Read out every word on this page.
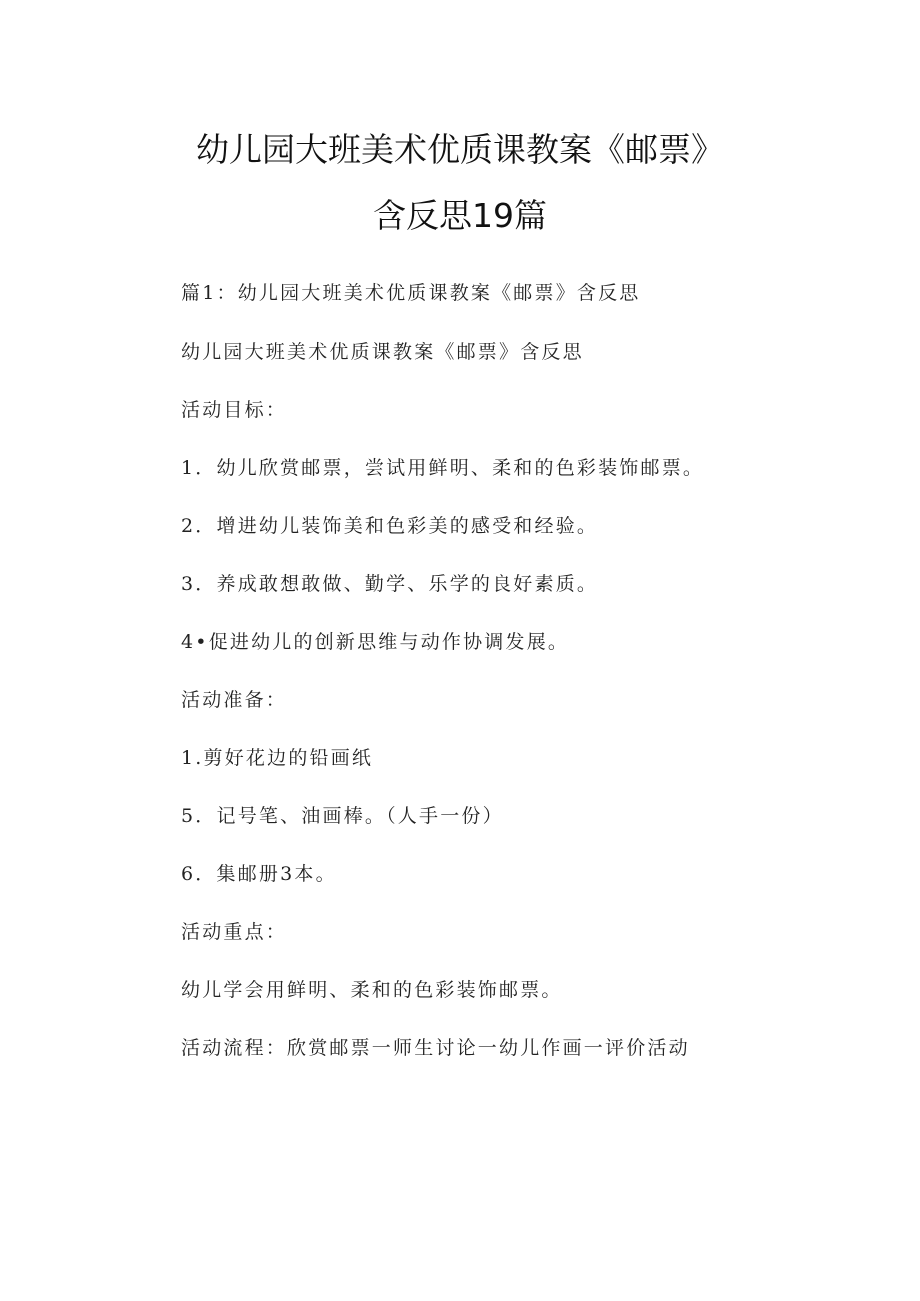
幼儿园大班美术优质课教案《邮票》
含反思19篇
篇1：幼儿园大班美术优质课教案《邮票》含反思
幼儿园大班美术优质课教案《邮票》含反思
活动目标：
1．幼儿欣赏邮票，尝试用鲜明、柔和的色彩装饰邮票。
2．增进幼儿装饰美和色彩美的感受和经验。
3．养成敢想敢做、勤学、乐学的良好素质。
4•促进幼儿的创新思维与动作协调发展。
活动准备：
1.剪好花边的铅画纸
5．记号笔、油画棒。（人手一份）
6．集邮册3本。
活动重点：
幼儿学会用鲜明、柔和的色彩装饰邮票。
活动流程：欣赏邮票一师生讨论一幼儿作画一评价活动
